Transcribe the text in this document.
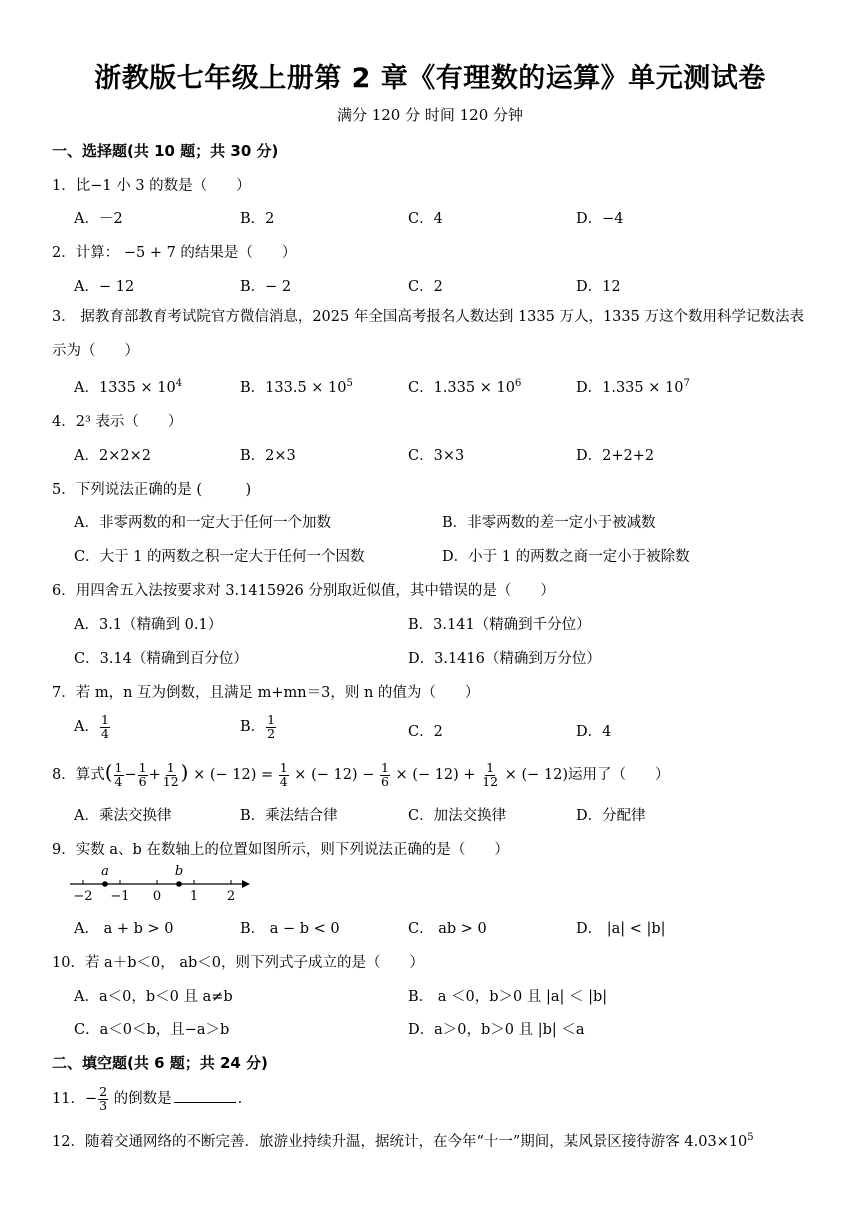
浙教版七年级上册第 2 章《有理数的运算》单元测试卷
满分 120 分 时间 120 分钟
一、选择题(共 10 题；共 30 分)
1．比−1 小 3 的数是（　　）
A．－2	B．2	C．4	D．−4
2．计算： −5 + 7 的结果是（　　）
A．− 12	B．− 2	C．2	D．12
3． 据教育部教育考试院官方微信消息，2025 年全国高考报名人数达到 1335 万人，1335 万这个数用科学记数法表示为（　　）
A．$1335 \times 10^4$	B．$133.5 \times 10^5$	C．$1.335 \times 10^6$	D．$1.335 \times 10^7$
4．2³ 表示（　　）
A．2×2×2	B．2×3	C．3×3	D．2+2+2
5．下列说法正确的是 (　　　)
A．非零两数的和一定大于任何一个加数	B．非零两数的差一定小于被减数
C．大于 1 的两数之积一定大于任何一个因数	D．小于 1 的两数之商一定小于被除数
6．用四舍五入法按要求对 3.1415926 分别取近似值，其中错误的是（　　）
A．3.1（精确到 0.1）	B．3.141（精确到千分位）
C．3.14（精确到百分位）	D．3.1416（精确到万分位）
7．若 m，n 互为倒数，且满足 m+mn＝3，则 n 的值为（　　）
A． $\frac{1}{4}$	B． $\frac{1}{2}$	C．2	D．4
8．算式( $\frac{1}{4} - \frac{1}{6} + \frac{1}{12}$ ) × (− $12) = \frac{1}{4}$ × (− $12) - \frac{1}{6}$ × (− $12) + \frac{1}{12}$ × (− 12)运用了（　　）
A．乘法交换律	B．乘法结合律	C．加法交换律	D．分配律
9．实数 a、b 在数轴上的位置如图所示，则下列说法正确的是（　　）
a	b
−2 −1 0 1 2
A． a + b > 0	B． a − b < 0	C． ab > 0	D． |a| < |b|
10．若 a＋b＜0， ab＜0，则下列式子成立的是（　　）
A．a＜0，b＜0 且 a≠b	B． a ＜0，b＞0 且 |a| ＜ |b|
C．a＜0＜b，且−a＞b	D．a＞0，b＞0 且 |b| ＜a
二、填空题(共 6 题；共 24 分)
11．− $\frac{2}{3}$ 的倒数是	.
12．随着交通网络的不断完善．旅游业持续升温，据统计，在今年“十一”期间，某风景区接待游客 $4.03\times 10^5$
